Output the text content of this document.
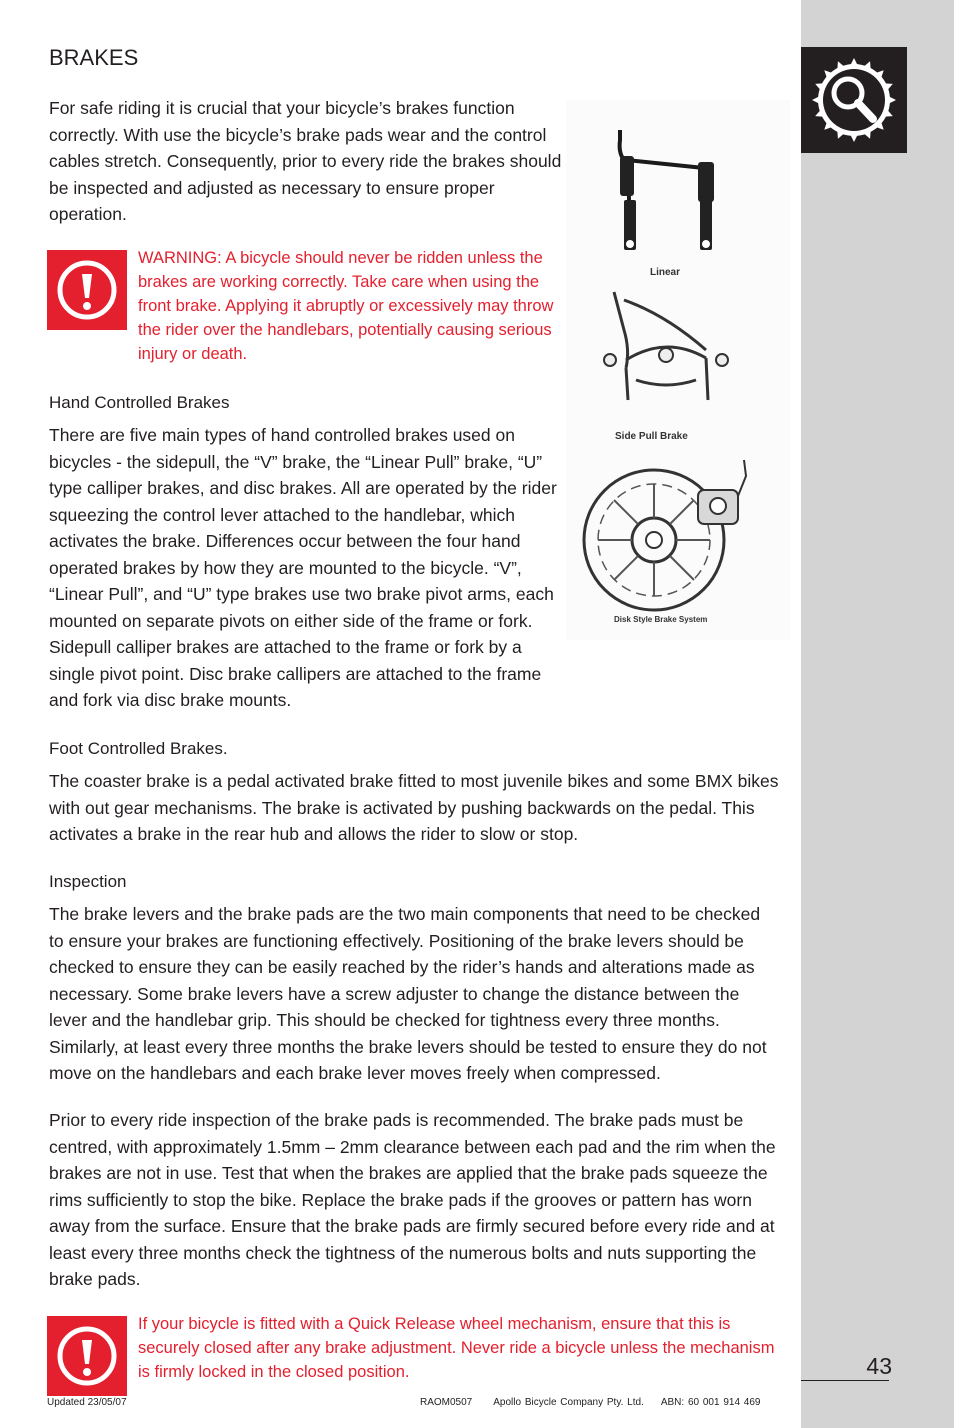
BRAKES

For safe riding it is crucial that your bicycle’s brakes function correctly. With use the bicycle’s brake pads wear and the control cables stretch. Consequently, prior to every ride the brakes should be inspected and adjusted as necessary to ensure proper operation.

WARNING: A bicycle should never be ridden unless the brakes are working correctly. Take care when using the front brake. Applying it abruptly or excessively may throw the rider over the handlebars, potentially causing serious injury or death.

Linear
Side Pull Brake
Disk Style Brake System
Hand Controlled Brakes

There are five main types of hand controlled brakes used on bicycles - the sidepull, the “V” brake, the “Linear Pull” brake, “U” type calliper brakes, and disc brakes. All are operated by the rider squeezing the control lever attached to the handlebar, which activates the brake. Differences occur between the four hand operated brakes by how they are mounted to the bicycle. “V”, “Linear Pull”, and “U” type brakes use two brake pivot arms, each mounted on separate pivots on either side of the frame or fork. Sidepull calliper brakes are attached to the frame or fork by a single pivot point. Disc brake callipers are attached to the frame and fork via disc brake mounts.

Foot Controlled Brakes.

The coaster brake is a pedal activated brake fitted to most juvenile bikes and some BMX bikes with out gear mechanisms. The brake is activated by pushing backwards on the pedal. This activates a brake in the rear hub and allows the rider to slow or stop.

Inspection

The brake levers and the brake pads are the two main components that need to be checked to ensure your brakes are functioning effectively. Positioning of the brake levers should be checked to ensure they can be easily reached by the rider’s hands and alterations made as necessary. Some brake levers have a screw adjuster to change the distance between the lever and the handlebar grip. This should be checked for tightness every three months. Similarly, at least every three months the brake levers should be tested to ensure they do not move on the handlebars and each brake lever moves freely when compressed.

Prior to every ride inspection of the brake pads is recommended. The brake pads must be centred, with approximately 1.5mm – 2mm clearance between each pad and the rim when the brakes are not in use. Test that when the brakes are applied that the brake pads squeeze the rims sufficiently to stop the bike. Replace the brake pads if the grooves or pattern has worn away from the surface. Ensure that the brake pads are firmly secured before every ride and at least every three months check the tightness of the numerous bolts and nuts supporting the brake pads.

If your bicycle is fitted with a Quick Release wheel mechanism, ensure that this is securely closed after any brake adjustment. Never ride a bicycle unless the mechanism is firmly locked in the closed position.	43
Updated 23/05/07	RAOM0507 Apollo Bicycle Company Pty. Ltd. ABN: 60 001 914 469
